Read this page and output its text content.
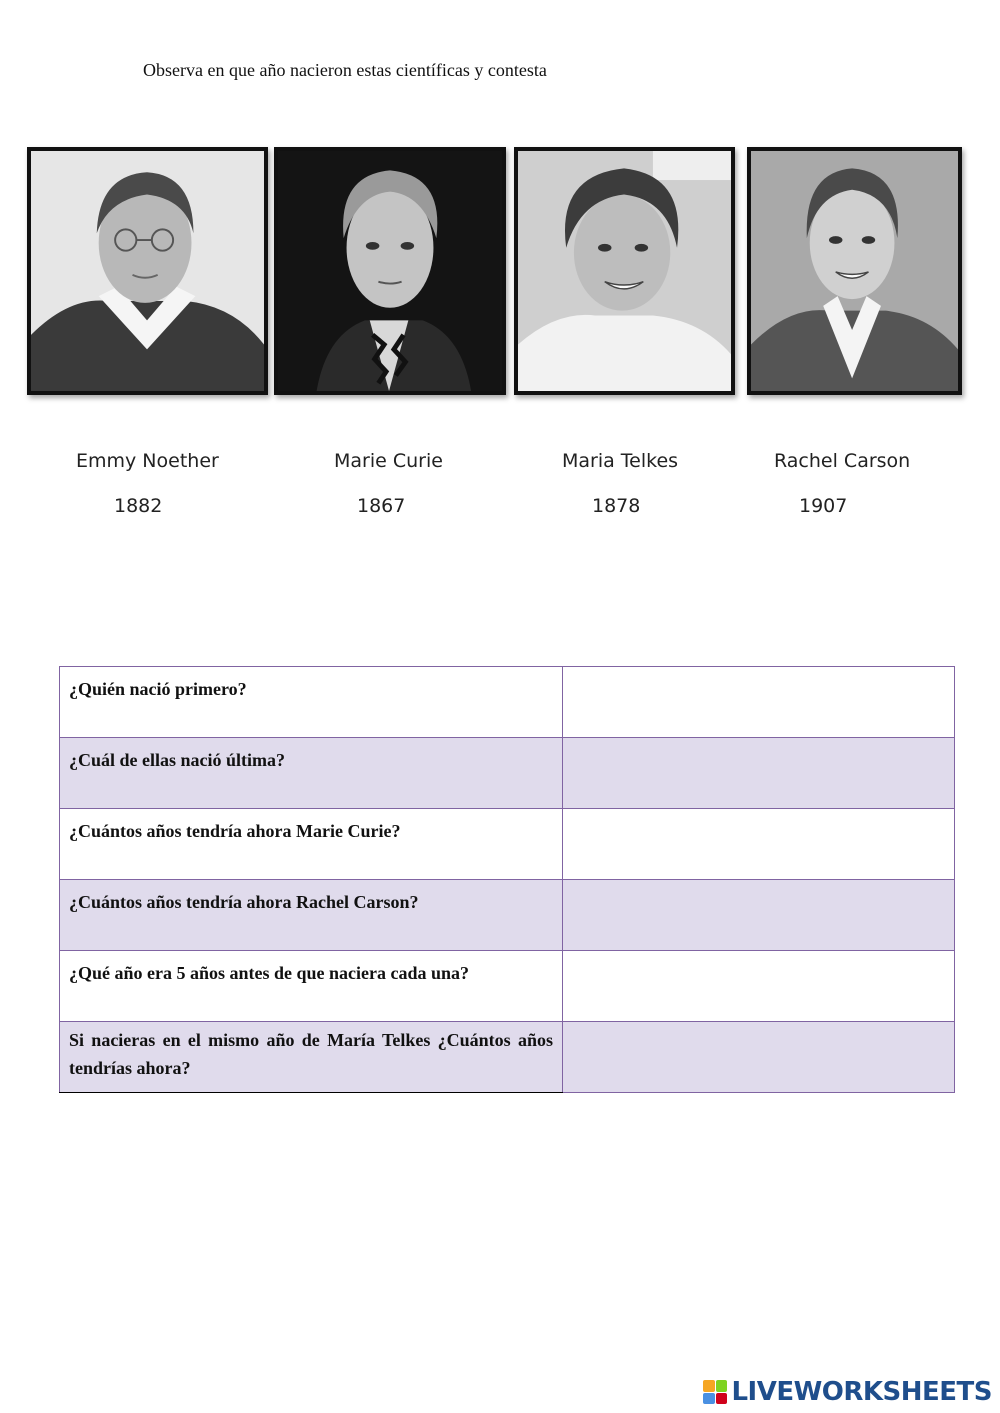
Observa en que año nacieron estas científicas y contesta
Emmy Noether	Marie Curie	Maria Telkes	Rachel Carson
1882	1867	1878	1907
¿Quién nació primero?	
¿Cuál de ellas nació última?	
¿Cuántos años tendría ahora Marie Curie?	
¿Cuántos años tendría ahora Rachel Carson?	
¿Qué año era 5 años antes de que naciera cada una?	

Si nacieras en el mismo año de María Telkes ¿Cuántos años tendrías ahora?	

LIVEWORKSHEETS
